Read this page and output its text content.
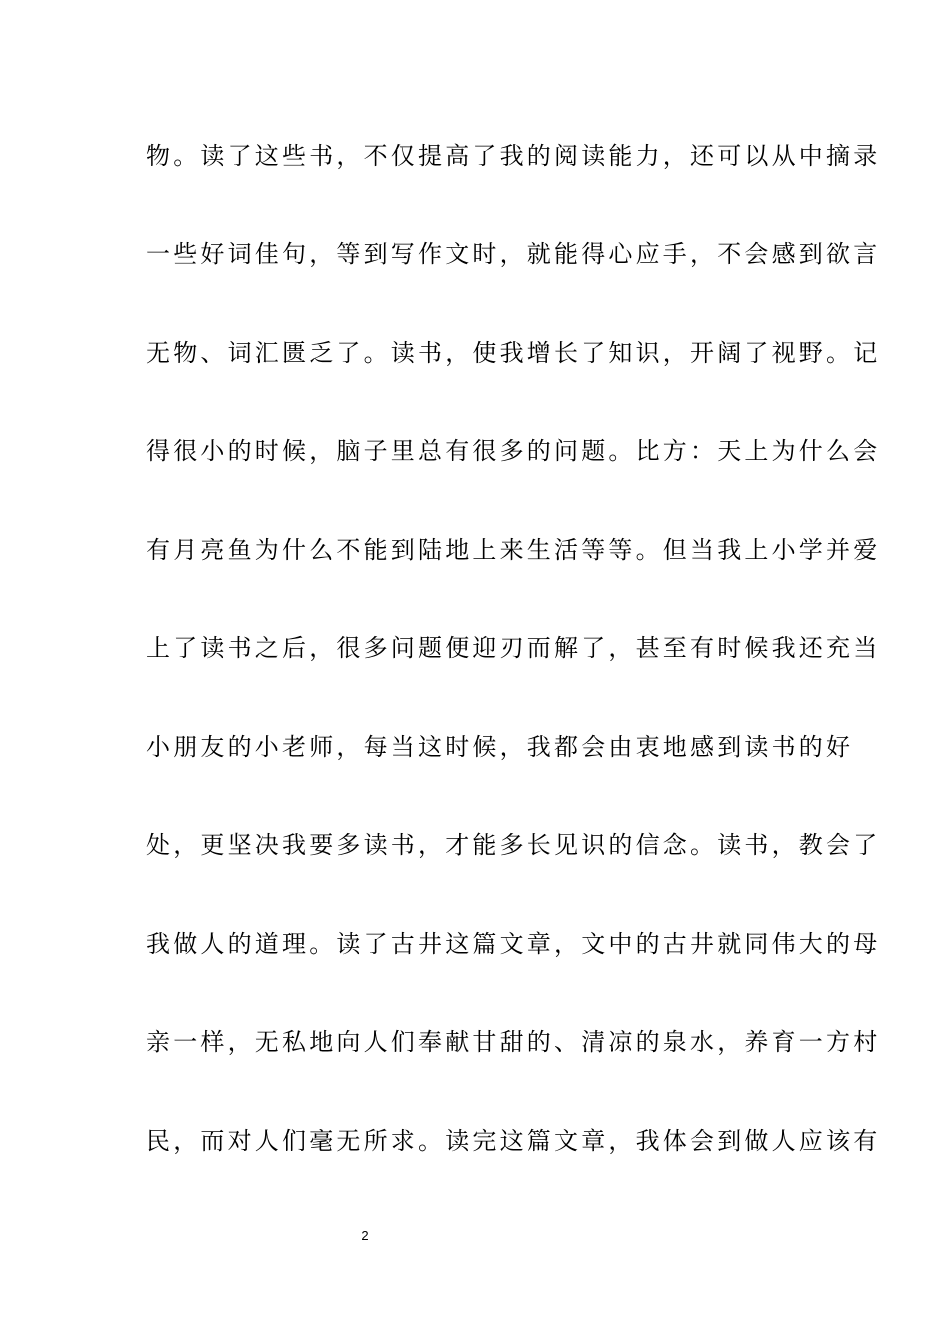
物。读了这些书，不仅提高了我的阅读能力，还可以从中摘录
一些好词佳句，等到写作文时，就能得心应手，不会感到欲言
无物、词汇匮乏了。读书，使我增长了知识，开阔了视野。记
得很小的时候，脑子里总有很多的问题。比方：天上为什么会
有月亮鱼为什么不能到陆地上来生活等等。但当我上小学并爱
上了读书之后，很多问题便迎刃而解了，甚至有时候我还充当
小朋友的小老师，每当这时候，我都会由衷地感到读书的好
处，更坚决我要多读书，才能多长见识的信念。读书，教会了
我做人的道理。读了古井这篇文章，文中的古井就同伟大的母
亲一样，无私地向人们奉献甘甜的、清凉的泉水，养育一方村
民，而对人们毫无所求。读完这篇文章，我体会到做人应该有
2
